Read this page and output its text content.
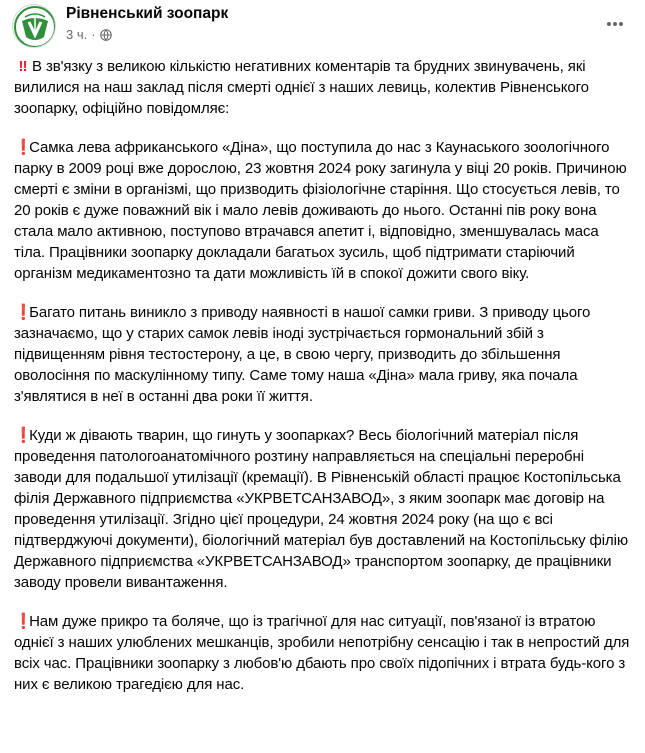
Рівненський зоопарк
3 ч. ·

‼ В зв'язку з великою кількістю негативних коментарів та брудних звинувачень, які вилилися на наш заклад після смерті однієї з наших левиць, колектив Рівненського зоопарку, офіційно повідомляє:

❗ Самка лева африканського «Діна», що поступила до нас з Каунаського зоологічного парку в 2009 році вже дорослою, 23 жовтня 2024 року загинула у віці 20 років. Причиною смерті є зміни в організмі, що призводить фізіологічне старіння. Що стосується левів, то 20 років є дуже поважний вік і мало левів доживають до нього. Останні пів року вона стала мало активною, поступово втрачався апетит і, відповідно, зменшувалась маса тіла. Працівники зоопарку докладали багатьох зусиль, щоб підтримати старіючий організм медикаментозно та дати можливість їй в спокої дожити свого віку.

❗ Багато питань виникло з приводу наявності в нашої самки гриви. З приводу цього зазначаємо, що у старих самок левів іноді зустрічається гормональний збій з підвищенням рівня тестостерону, а це, в свою чергу, призводить до збільшення оволосіння по маскулінному типу. Саме тому наша «Діна» мала гриву, яка почала з'являтися в неї в останні два роки її життя.

❗ Куди ж дівають тварин, що гинуть у зоопарках? Весь біологічний матеріал після проведення патологоанатомічного розтину направляється на спеціальні переробні заводи для подальшої утилізації (кремації). В Рівненській області працює Костопільська філія Державного підприємства «УКРВЕТСАНЗАВОД», з яким зоопарк має договір на проведення утилізації. Згідно цієї процедури, 24 жовтня 2024 року (на що є всі підтверджуючі документи), біологічний матеріал був доставлений на Костопільську філію Державного підприємства «УКРВЕТСАНЗАВОД» транспортом зоопарку, де працівники заводу провели вивантаження.

❗ Нам дуже прикро та боляче, що із трагічної для нас ситуації, пов'язаної із втратою однієї з наших улюблених мешканців, зробили непотрібну сенсацію і так в непростий для всіх час. Працівники зоопарку з любов'ю дбають про своїх підопічних і втрата будь-кого з них є великою трагедією для нас.
